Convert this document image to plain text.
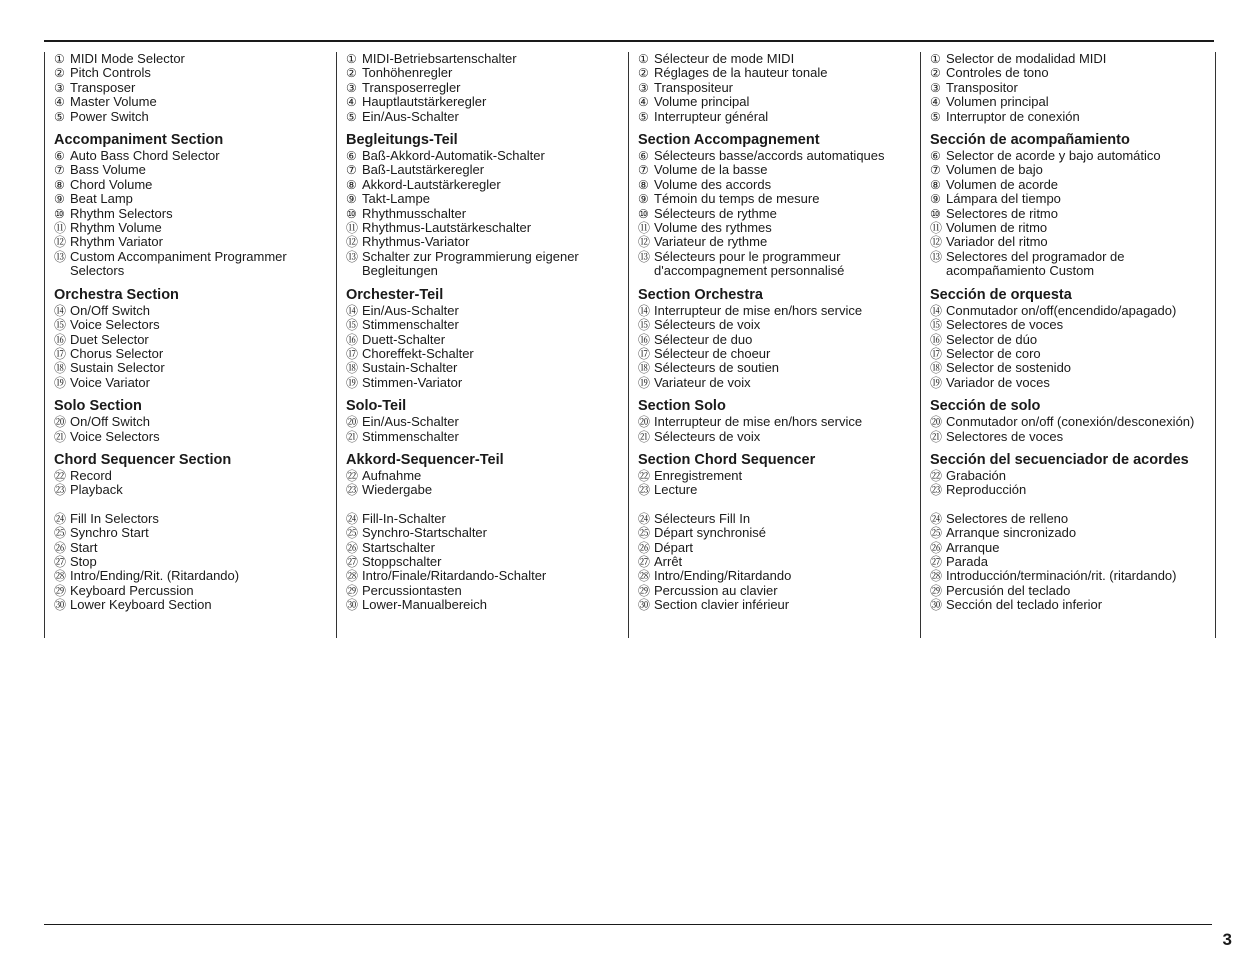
① MIDI Mode Selector
② Pitch Controls
③ Transposer
④ Master Volume
⑤ Power Switch
Accompaniment Section
⑥ Auto Bass Chord Selector
⑦ Bass Volume
⑧ Chord Volume
⑨ Beat Lamp
⑩ Rhythm Selectors
⑪ Rhythm Volume
⑫ Rhythm Variator
⑬ Custom Accompaniment Programmer Selectors
Orchestra Section
⑭ On/Off Switch
⑮ Voice Selectors
⑯ Duet Selector
⑰ Chorus Selector
⑱ Sustain Selector
⑲ Voice Variator
Solo Section
⑳ On/Off Switch
㉑ Voice Selectors
Chord Sequencer Section
㉒ Record
㉓ Playback
㉔ Fill In Selectors
㉕ Synchro Start
㉖ Start
㉗ Stop
㉘ Intro/Ending/Rit. (Ritardando)
㉙ Keyboard Percussion
㉚ Lower Keyboard Section
① MIDI-Betriebsartenschalter
② Tonhöhenregler
③ Transposerregler
④ Hauptlautstärkeregler
⑤ Ein/Aus-Schalter
Begleitungs-Teil
⑥ Baß-Akkord-Automatik-Schalter
⑦ Baß-Lautstärkeregler
⑧ Akkord-Lautstärkeregler
⑨ Takt-Lampe
⑩ Rhythmusschalter
⑪ Rhythmus-Lautstärkeschalter
⑫ Rhythmus-Variator
⑬ Schalter zur Programmierung eigener Begleitungen
Orchester-Teil
⑭ Ein/Aus-Schalter
⑮ Stimmenschalter
⑯ Duett-Schalter
⑰ Choreffekt-Schalter
⑱ Sustain-Schalter
⑲ Stimmen-Variator
Solo-Teil
⑳ Ein/Aus-Schalter
㉑ Stimmenschalter
Akkord-Sequencer-Teil
㉒ Aufnahme
㉓ Wiedergabe
㉔ Fill-In-Schalter
㉕ Synchro-Startschalter
㉖ Startschalter
㉗ Stoppschalter
㉘ Intro/Finale/Ritardando-Schalter
㉙ Percussiontasten
㉚ Lower-Manualbereich
① Sélecteur de mode MIDI
② Réglages de la hauteur tonale
③ Transpositeur
④ Volume principal
⑤ Interrupteur général
Section Accompagnement
⑥ Sélecteurs basse/accords automatiques
⑦ Volume de la basse
⑧ Volume des accords
⑨ Témoin du temps de mesure
⑩ Sélecteurs de rythme
⑪ Volume des rythmes
⑫ Variateur de rythme
⑬ Sélecteurs pour le programmeur d'accompagnement personnalisé
Section Orchestra
⑭ Interrupteur de mise en/hors service
⑮ Sélecteurs de voix
⑯ Sélecteur de duo
⑰ Sélecteur de choeur
⑱ Sélecteurs de soutien
⑲ Variateur de voix
Section Solo
⑳ Interrupteur de mise en/hors service
㉑ Sélecteurs de voix
Section Chord Sequencer
㉒ Enregistrement
㉓ Lecture
㉔ Sélecteurs Fill In
㉕ Départ synchronisé
㉖ Départ
㉗ Arrêt
㉘ Intro/Ending/Ritardando
㉙ Percussion au clavier
㉚ Section clavier inférieur
① Selector de modalidad MIDI
② Controles de tono
③ Transpositor
④ Volumen principal
⑤ Interruptor de conexión
Sección de acompañamiento
⑥ Selector de acorde y bajo automático
⑦ Volumen de bajo
⑧ Volumen de acorde
⑨ Lámpara del tiempo
⑩ Selectores de ritmo
⑪ Volumen de ritmo
⑫ Variador del ritmo
⑬ Selectores del programador de acompañamiento Custom
Sección de orquesta
⑭ Conmutador on/off(encendido/apagado)
⑮ Selectores de voces
⑯ Selector de dúo
⑰ Selector de coro
⑱ Selector de sostenido
⑲ Variador de voces
Sección de solo
⑳ Conmutador on/off (conexión/desconexión)
㉑ Selectores de voces
Sección del secuenciador de acordes
㉒ Grabación
㉓ Reproducción
㉔ Selectores de relleno
㉕ Arranque sincronizado
㉖ Arranque
㉗ Parada
㉘ Introducción/terminación/rit. (ritardando)
㉙ Percusión del teclado
㉚ Sección del teclado inferior
3
